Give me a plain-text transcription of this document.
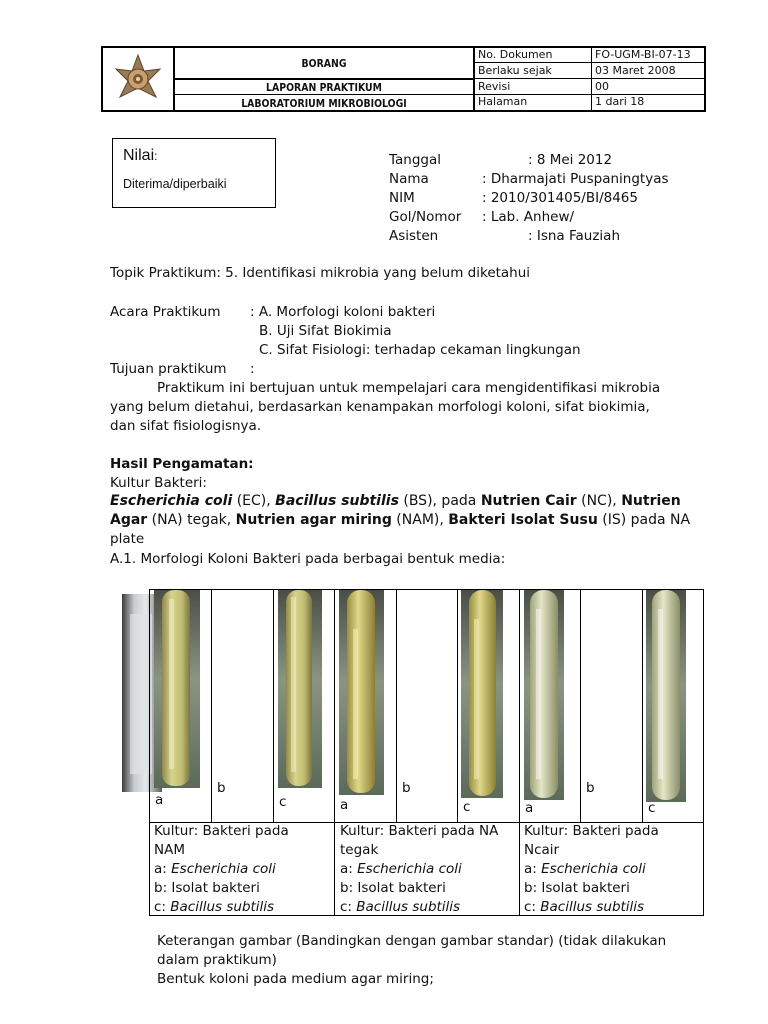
BORANG
LAPORAN PRAKTIKUM
LABORATORIUM MIKROBIOLOGI
No. Dokumen	FO-UGM-BI-07-13
Berlaku sejak	03 Maret 2008
Revisi	00
Halaman	1 dari 18
Nilai:
Diterima/diperbaiki
Tanggal	: 8 Mei 2012
Nama	: Dharmajati Puspaningtyas
NIM	: 2010/301405/BI/8465
Gol/Nomor : Lab. Anhew/
Asisten	: Isna Fauziah
Topik Praktikum: 5. Identifikasi mikrobia yang belum diketahui
Acara Praktikum : A. Morfologi koloni bakteri
B. Uji Sifat Biokimia
C. Sifat Fisiologi: terhadap cekaman lingkungan
Tujuan praktikum :
Praktikum ini bertujuan untuk mempelajari cara mengidentifikasi mikrobia
yang belum dietahui, berdasarkan kenampakan morfologi koloni, sifat biokimia,
dan sifat fisiologisnya.
Hasil Pengamatan:
Kultur Bakteri:
Escherichia coli (EC), Bacillus subtilis (BS), pada Nutrien Cair (NC), Nutrien
Agar (NA) tegak, Nutrien agar miring (NAM), Bakteri Isolat Susu (IS) pada NA
plate
A.1. Morfologi Koloni Bakteri pada berbagai bentuk media:
a
b
c	a
b
c	a
b
c
Kultur: Bakteri pada
NAM
a: Escherichia coli
b: Isolat bakteri
c: Bacillus subtilis
Kultur: Bakteri pada NA
tegak
a: Escherichia coli
b: Isolat bakteri
c: Bacillus subtilis
Kultur: Bakteri pada
Ncair
a: Escherichia coli
b: Isolat bakteri
c: Bacillus subtilis
Keterangan gambar (Bandingkan dengan gambar standar) (tidak dilakukan
dalam praktikum)
Bentuk koloni pada medium agar miring;
